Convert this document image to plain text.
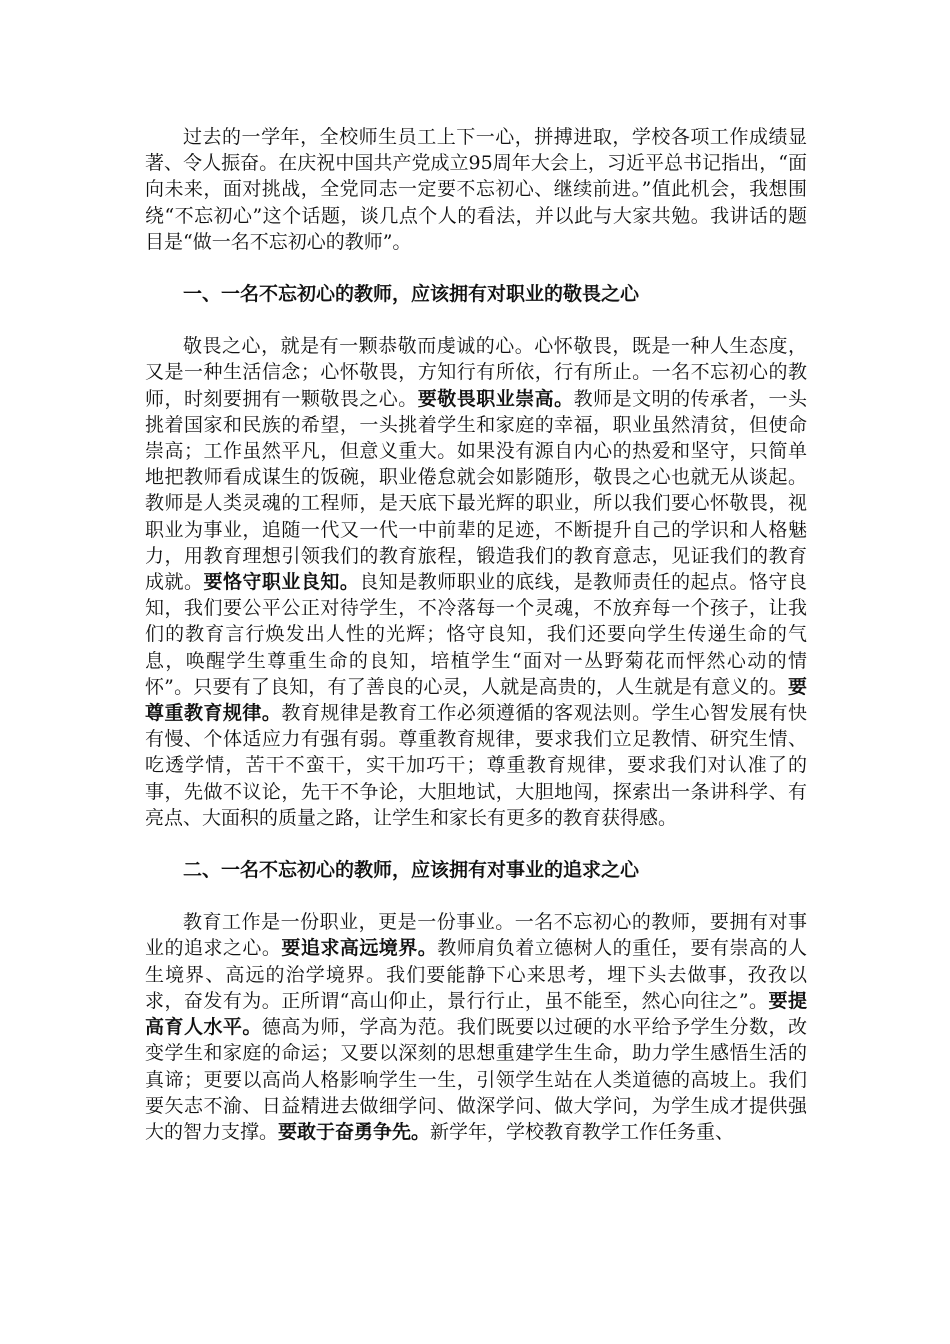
过去的一学年，全校师生员工上下一心，拼搏进取，学校各项工作成绩显著、令人振奋。在庆祝中国共产党成立95周年大会上，习近平总书记指出，“面向未来，面对挑战，全党同志一定要不忘初心、继续前进。”值此机会，我想围绕“不忘初心”这个话题，谈几点个人的看法，并以此与大家共勉。我讲话的题目是“做一名不忘初心的教师”。

一、一名不忘初心的教师，应该拥有对职业的敬畏之心

敬畏之心，就是有一颗恭敬而虔诚的心。心怀敬畏，既是一种人生态度，又是一种生活信念；心怀敬畏，方知行有所依，行有所止。一名不忘初心的教师，时刻要拥有一颗敬畏之心。要敬畏职业崇高。教师是文明的传承者，一头挑着国家和民族的希望，一头挑着学生和家庭的幸福，职业虽然清贫，但使命崇高；工作虽然平凡，但意义重大。如果没有源自内心的热爱和坚守，只简单地把教师看成谋生的饭碗，职业倦怠就会如影随形，敬畏之心也就无从谈起。教师是人类灵魂的工程师，是天底下最光辉的职业，所以我们要心怀敬畏，视职业为事业，追随一代又一代一中前辈的足迹，不断提升自己的学识和人格魅力，用教育理想引领我们的教育旅程，锻造我们的教育意志，见证我们的教育成就。要恪守职业良知。良知是教师职业的底线，是教师责任的起点。恪守良知，我们要公平公正对待学生，不冷落每一个灵魂，不放弃每一个孩子，让我们的教育言行焕发出人性的光辉；恪守良知，我们还要向学生传递生命的气息，唤醒学生尊重生命的良知，培植学生“面对一丛野菊花而怦然心动的情怀”。只要有了良知，有了善良的心灵，人就是高贵的，人生就是有意义的。要尊重教育规律。教育规律是教育工作必须遵循的客观法则。学生心智发展有快有慢、个体适应力有强有弱。尊重教育规律，要求我们立足教情、研究生情、吃透学情，苦干不蛮干，实干加巧干；尊重教育规律，要求我们对认准了的事，先做不议论，先干不争论，大胆地试，大胆地闯，探索出一条讲科学、有亮点、大面积的质量之路，让学生和家长有更多的教育获得感。

二、一名不忘初心的教师，应该拥有对事业的追求之心

教育工作是一份职业，更是一份事业。一名不忘初心的教师，要拥有对事业的追求之心。要追求高远境界。教师肩负着立德树人的重任，要有崇高的人生境界、高远的治学境界。我们要能静下心来思考，埋下头去做事，孜孜以求，奋发有为。正所谓“高山仰止，景行行止，虽不能至，然心向往之”。要提高育人水平。德高为师，学高为范。我们既要以过硬的水平给予学生分数，改变学生和家庭的命运；又要以深刻的思想重建学生生命，助力学生感悟生活的真谛；更要以高尚人格影响学生一生，引领学生站在人类道德的高坡上。我们要矢志不渝、日益精进去做细学问、做深学问、做大学问，为学生成才提供强大的智力支撑。要敢于奋勇争先。新学年，学校教育教学工作任务重、
